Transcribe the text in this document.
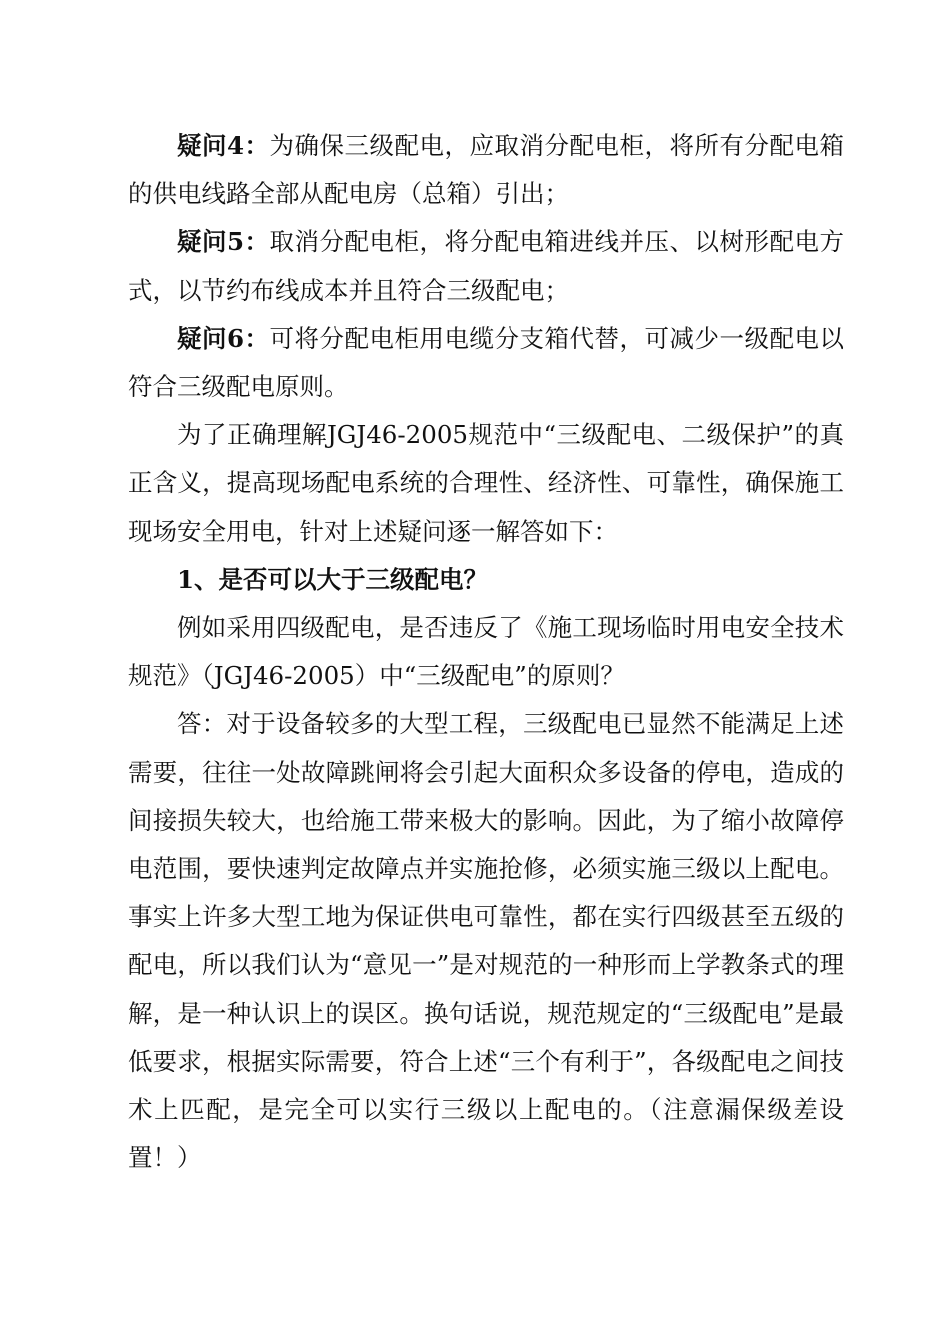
疑问4：为确保三级配电，应取消分配电柜，将所有分配电箱的供电线路全部从配电房（总箱）引出；

疑问5：取消分配电柜，将分配电箱进线并压、以树形配电方式，以节约布线成本并且符合三级配电；

疑问6：可将分配电柜用电缆分支箱代替，可减少一级配电以符合三级配电原则。

为了正确理解JGJ46-2005规范中“三级配电、二级保护”的真正含义，提高现场配电系统的合理性、经济性、可靠性，确保施工现场安全用电，针对上述疑问逐一解答如下：

1、是否可以大于三级配电？

例如采用四级配电，是否违反了《施工现场临时用电安全技术规范》（JGJ46-2005）中“三级配电”的原则？

答：对于设备较多的大型工程，三级配电已显然不能满足上述需要，往往一处故障跳闸将会引起大面积众多设备的停电，造成的间接损失较大，也给施工带来极大的影响。因此，为了缩小故障停电范围，要快速判定故障点并实施抢修，必须实施三级以上配电。事实上许多大型工地为保证供电可靠性，都在实行四级甚至五级的配电，所以我们认为“意见一”是对规范的一种形而上学教条式的理解，是一种认识上的误区。换句话说，规范规定的“三级配电”是最低要求，根据实际需要，符合上述“三个有利于”，各级配电之间技术上匹配，是完全可以实行三级以上配电的。（注意漏保级差设置！）
